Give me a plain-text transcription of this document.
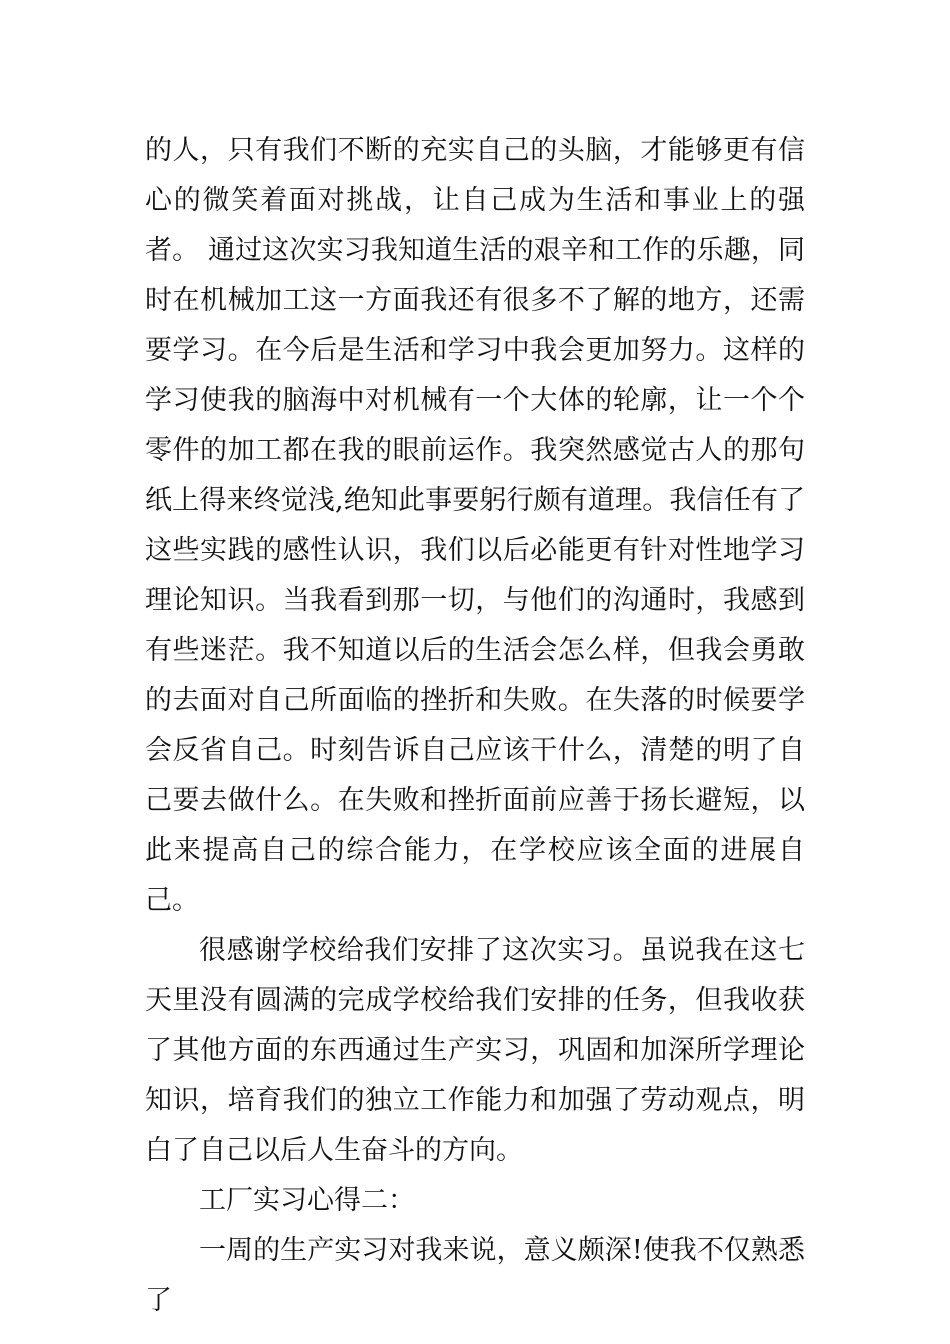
的人，只有我们不断的充实自己的头脑，才能够更有信心的微笑着面对挑战，让自己成为生活和事业上的强者。 通过这次实习我知道生活的艰辛和工作的乐趣，同时在机械加工这一方面我还有很多不了解的地方，还需要学习。在今后是生活和学习中我会更加努力。这样的学习使我的脑海中对机械有一个大体的轮廓，让一个个零件的加工都在我的眼前运作。我突然感觉古人的那句纸上得来终觉浅,绝知此事要躬行颇有道理。我信任有了这些实践的感性认识，我们以后必能更有针对性地学习理论知识。当我看到那一切，与他们的沟通时，我感到有些迷茫。我不知道以后的生活会怎么样，但我会勇敢的去面对自己所面临的挫折和失败。在失落的时候要学会反省自己。时刻告诉自己应该干什么，清楚的明了自己要去做什么。在失败和挫折面前应善于扬长避短，以此来提高自己的综合能力，在学校应该全面的进展自己。

很感谢学校给我们安排了这次实习。虽说我在这七天里没有圆满的完成学校给我们安排的任务，但我收获了其他方面的东西通过生产实习，巩固和加深所学理论知识，培育我们的独立工作能力和加强了劳动观点，明白了自己以后人生奋斗的方向。

工厂实习心得二：

一周的生产实习对我来说，意义颇深!使我不仅熟悉了
